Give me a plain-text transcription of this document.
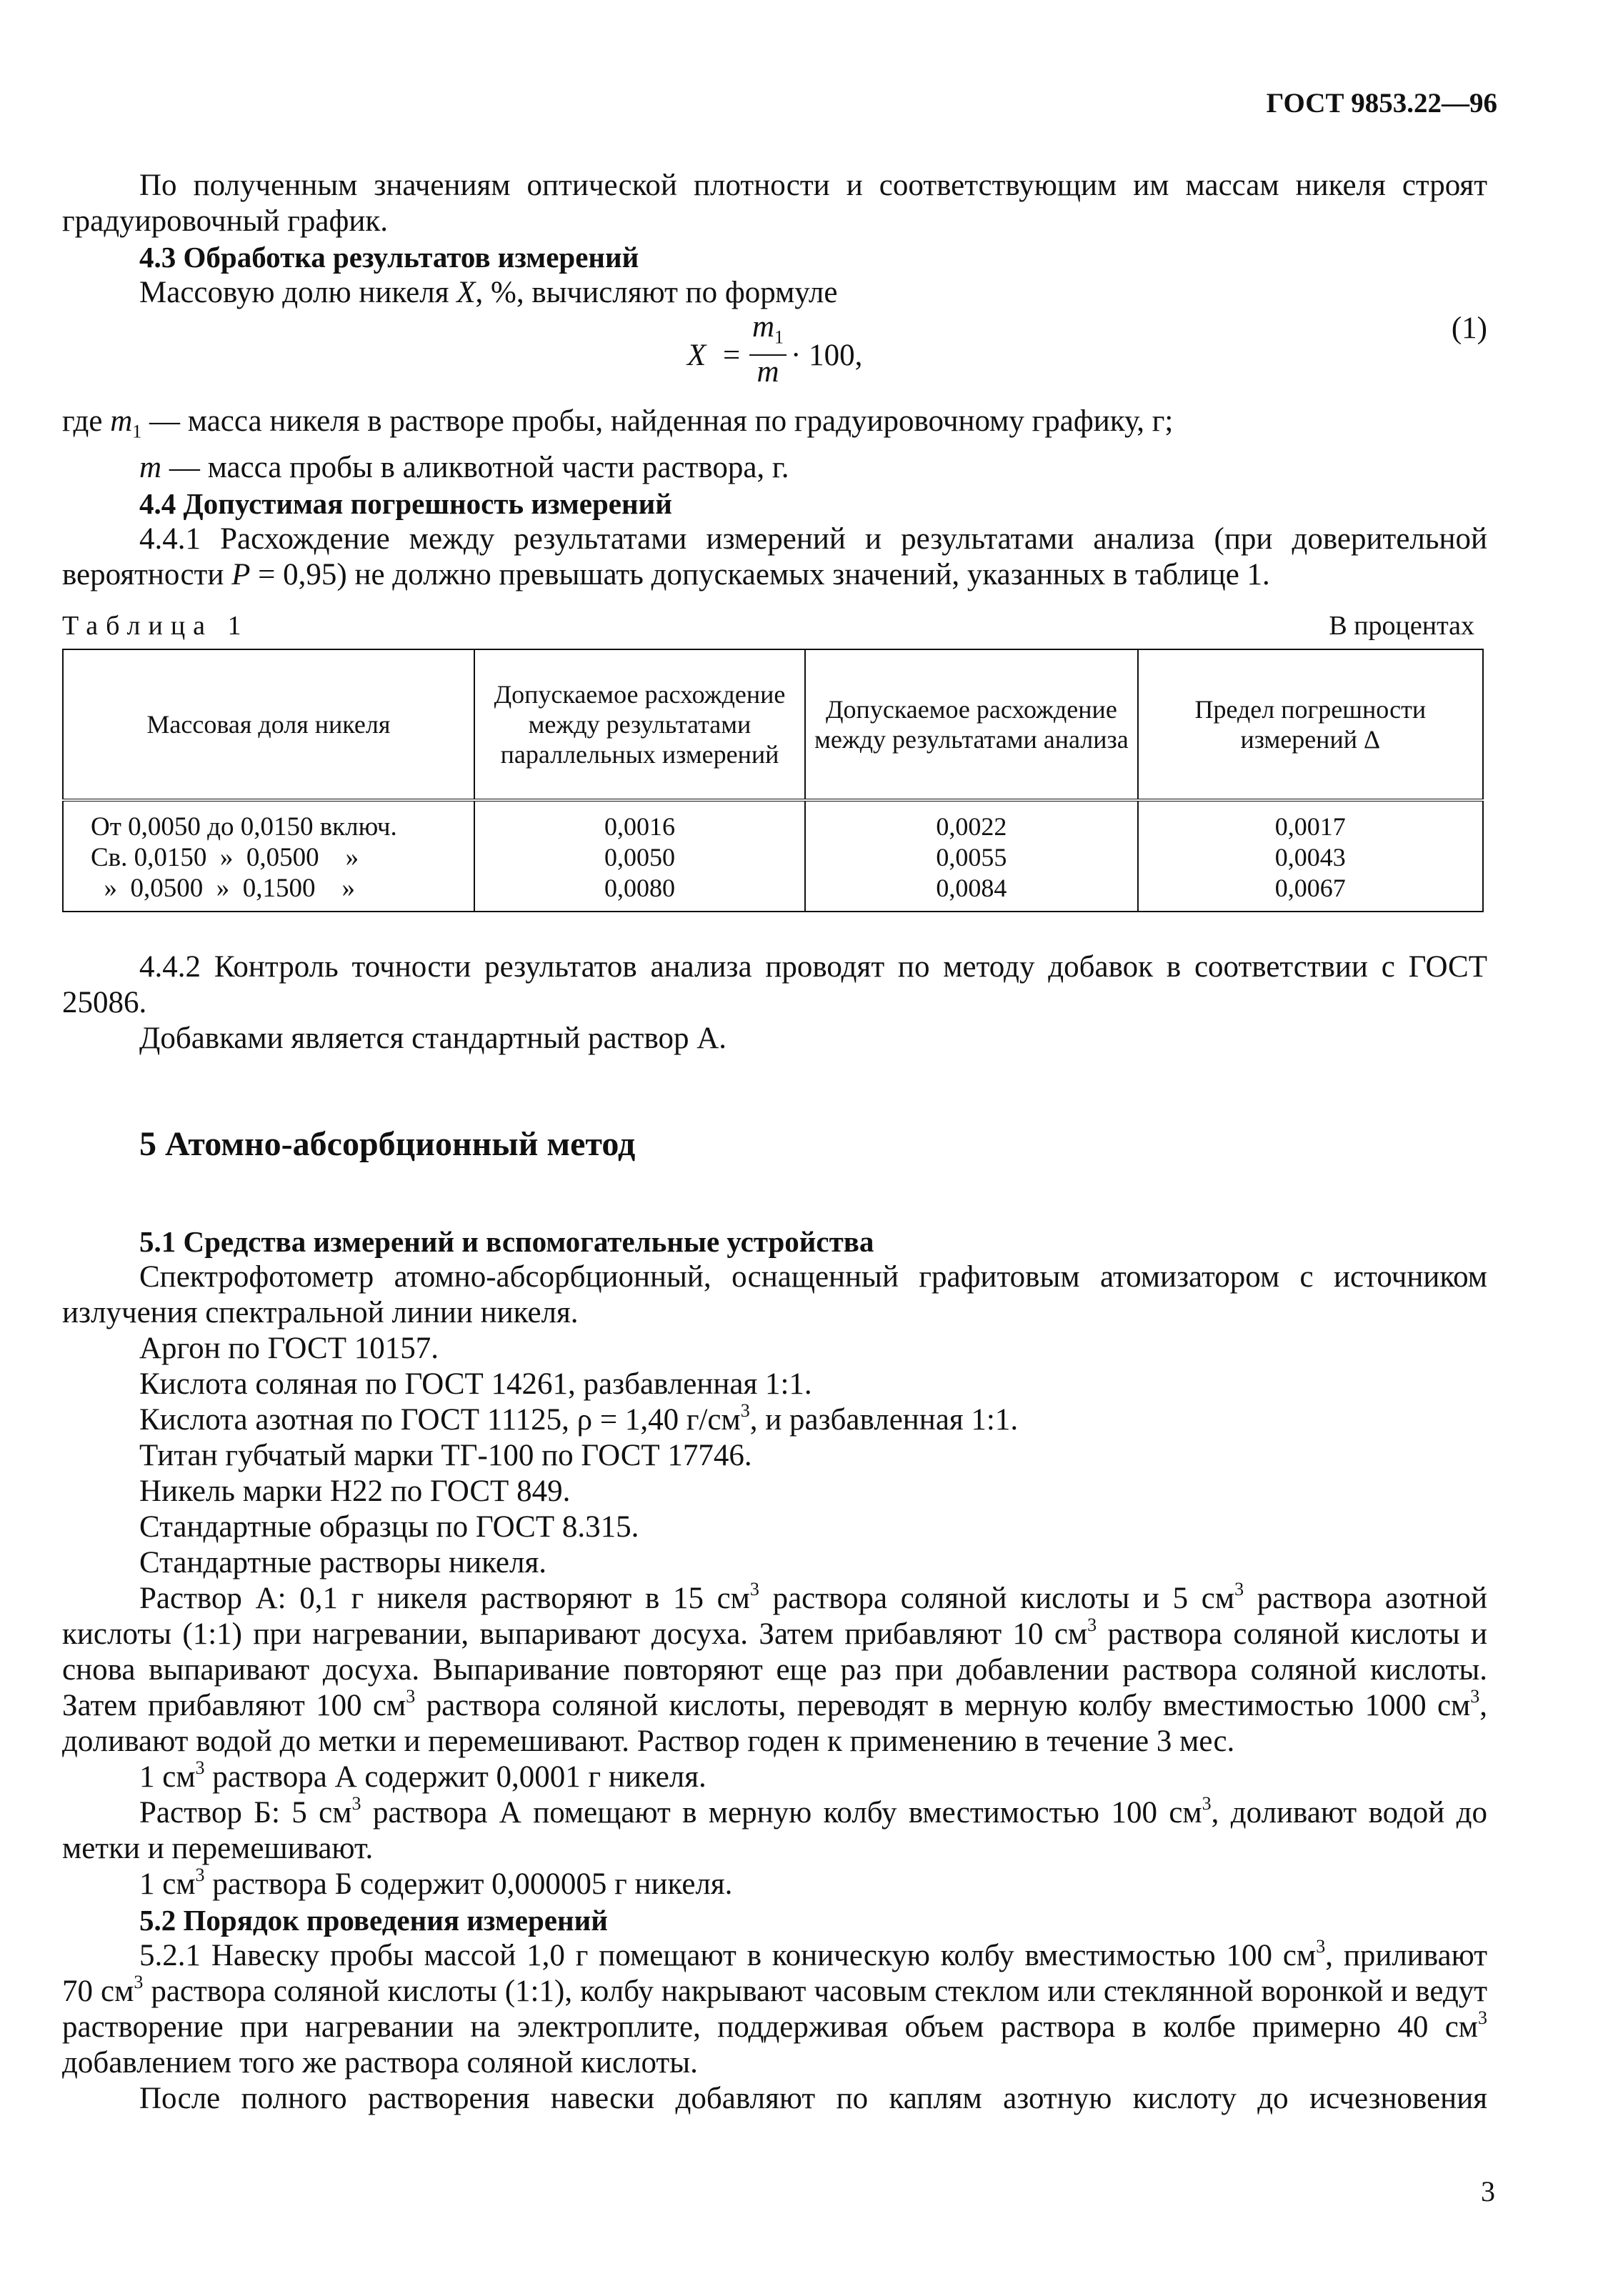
ГОСТ 9853.22—96

По полученным значениям оптической плотности и соответствующим им массам никеля строят градуировочный график.

4.3 Обработка результатов измерений

Массовую долю никеля X, %, вычисляют по формуле

X =
$m_1$
m · 100,
(1)

где $m_1$ — масса никеля в растворе пробы, найденная по градуировочному графику, г;

m — масса пробы в аликвотной части раствора, г.

4.4 Допустимая погрешность измерений

4.4.1 Расхождение между результатами измерений и результатами анализа (при доверительной вероятности P = 0,95) не должно превышать допускаемых значений, указанных в таблице 1.

Таблица 1	В процентах
Массовая доля никеля	Допускаемое расхождение между результатами параллельных измерений	Допускаемое расхождение между результатами анализа	Предел погрешности измерений Δ
От 0,0050 до 0,0150 включ.	0,0016	0,0022	0,0017
Св. 0,0150  »  0,0500    »	0,0050	0,0055	0,0043
»  0,0500  »  0,1500    »	0,0080	0,0084	0,0067

4.4.2 Контроль точности результатов анализа проводят по методу добавок в соответствии с ГОСТ 25086.

Добавками является стандартный раствор А.

5 Атомно-абсорбционный метод
5.1 Средства измерений и вспомогательные устройства

Спектрофотометр атомно-абсорбционный, оснащенный графитовым атомизатором с источником излучения спектральной линии никеля.

Аргон по ГОСТ 10157.

Кислота соляная по ГОСТ 14261, разбавленная 1:1.

Кислота азотная по ГОСТ 11125, ρ = 1,40 $г/см^3$, и разбавленная 1:1.

Титан губчатый марки ТГ-100 по ГОСТ 17746.

Никель марки Н22 по ГОСТ 849.

Стандартные образцы по ГОСТ 8.315.

Стандартные растворы никеля.

Раствор А: 0,1 г никеля растворяют в 15 $см^3$ раствора соляной кислоты и 5 $см^3$ раствора азотной кислоты (1:1) при нагревании, выпаривают досуха. Затем прибавляют 10 $см^3$ раствора соляной кислоты и снова выпаривают досуха. Выпаривание повторяют еще раз при добавлении раствора соляной кислоты. Затем прибавляют 100 $см^3$ раствора соляной кислоты, переводят в мерную колбу вместимостью 1000 $см^3$, доливают водой до метки и перемешивают. Раствор годен к применению в течение 3 мес.

1 $см^3$ раствора А содержит 0,0001 г никеля.

Раствор Б: 5 $см^3$ раствора А помещают в мерную колбу вместимостью 100 $см^3$, доливают водой до метки и перемешивают.

1 $см^3$ раствора Б содержит 0,000005 г никеля.

5.2 Порядок проведения измерений

5.2.1 Навеску пробы массой 1,0 г помещают в коническую колбу вместимостью 100 $см^3$, приливают 70 $см^3$ раствора соляной кислоты (1:1), колбу накрывают часовым стеклом или стеклянной воронкой и ведут растворение при нагревании на электроплите, поддерживая объем раствора в колбе примерно 40 $см^3$ добавлением того же раствора соляной кислоты.

После полного растворения навески добавляют по каплям азотную кислоту до исчезновения

3
